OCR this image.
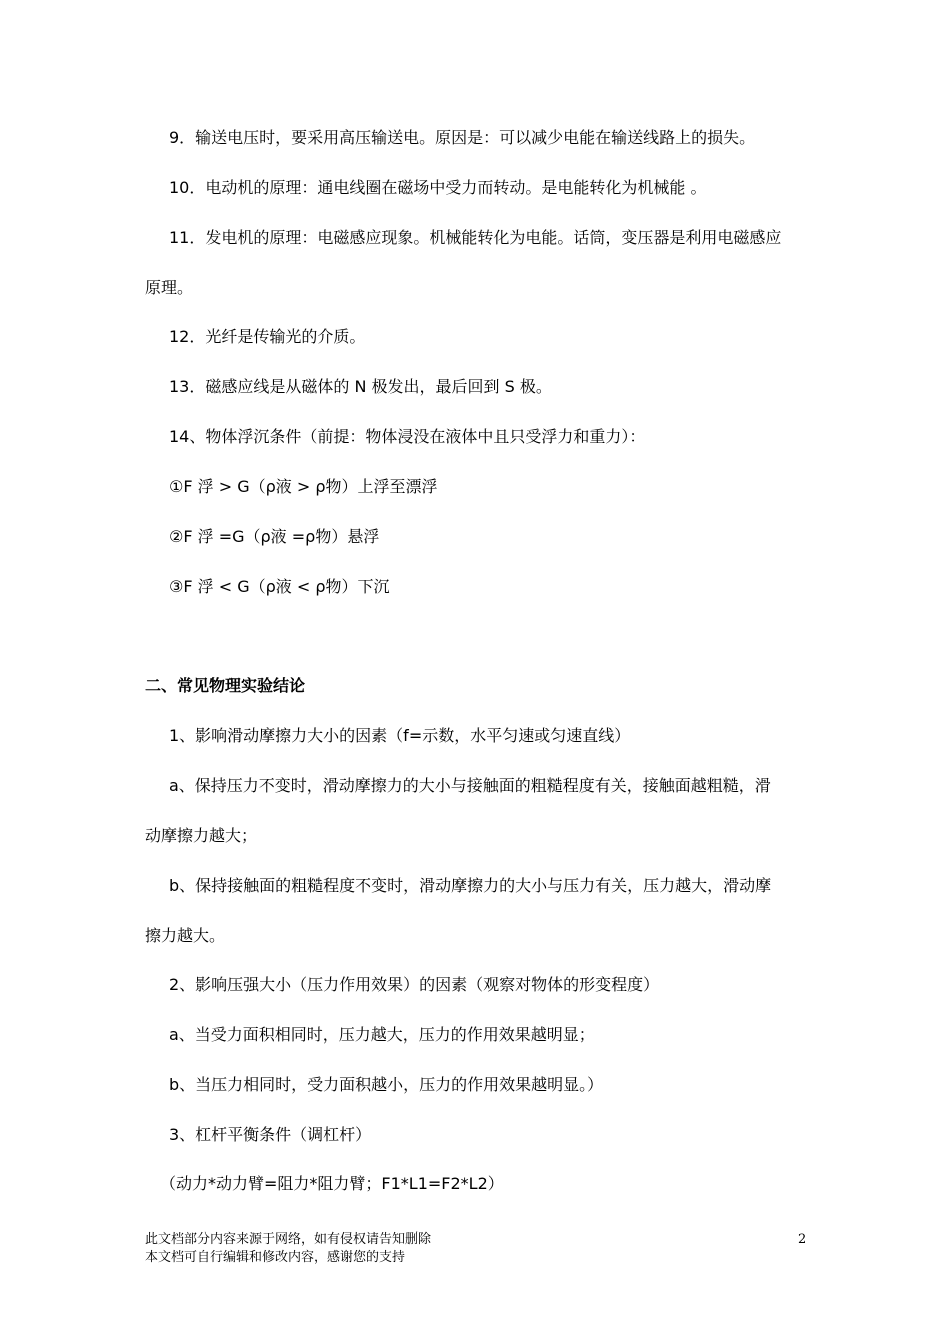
9．输送电压时，要采用高压输送电。原因是：可以减少电能在输送线路上的损失。
10．电动机的原理：通电线圈在磁场中受力而转动。是电能转化为机械能 。
11．发电机的原理：电磁感应现象。机械能转化为电能。话筒，变压器是利用电磁感应
原理。
12．光纤是传输光的介质。
13．磁感应线是从磁体的 N 极发出，最后回到 S 极。
14、物体浮沉条件（前提：物体浸没在液体中且只受浮力和重力）：
①F 浮 > G（ρ液 > ρ物）上浮至漂浮
②F 浮 =G（ρ液 =ρ物）悬浮
③F 浮 < G（ρ液 < ρ物）下沉
二、常见物理实验结论
1、影响滑动摩擦力大小的因素（f=示数，水平匀速或匀速直线）
a、保持压力不变时，滑动摩擦力的大小与接触面的粗糙程度有关，接触面越粗糙，滑
动摩擦力越大；
b、保持接触面的粗糙程度不变时，滑动摩擦力的大小与压力有关，压力越大，滑动摩
擦力越大。
2、影响压强大小（压力作用效果）的因素（观察对物体的形变程度）
a、当受力面积相同时，压力越大，压力的作用效果越明显；
b、当压力相同时，受力面积越小，压力的作用效果越明显。）
3、杠杆平衡条件（调杠杆）
（动力*动力臂=阻力*阻力臂；F1*L1=F2*L2）
此文档部分内容来源于网络，如有侵权请告知删除
本文档可自行编辑和修改内容，感谢您的支持
2
